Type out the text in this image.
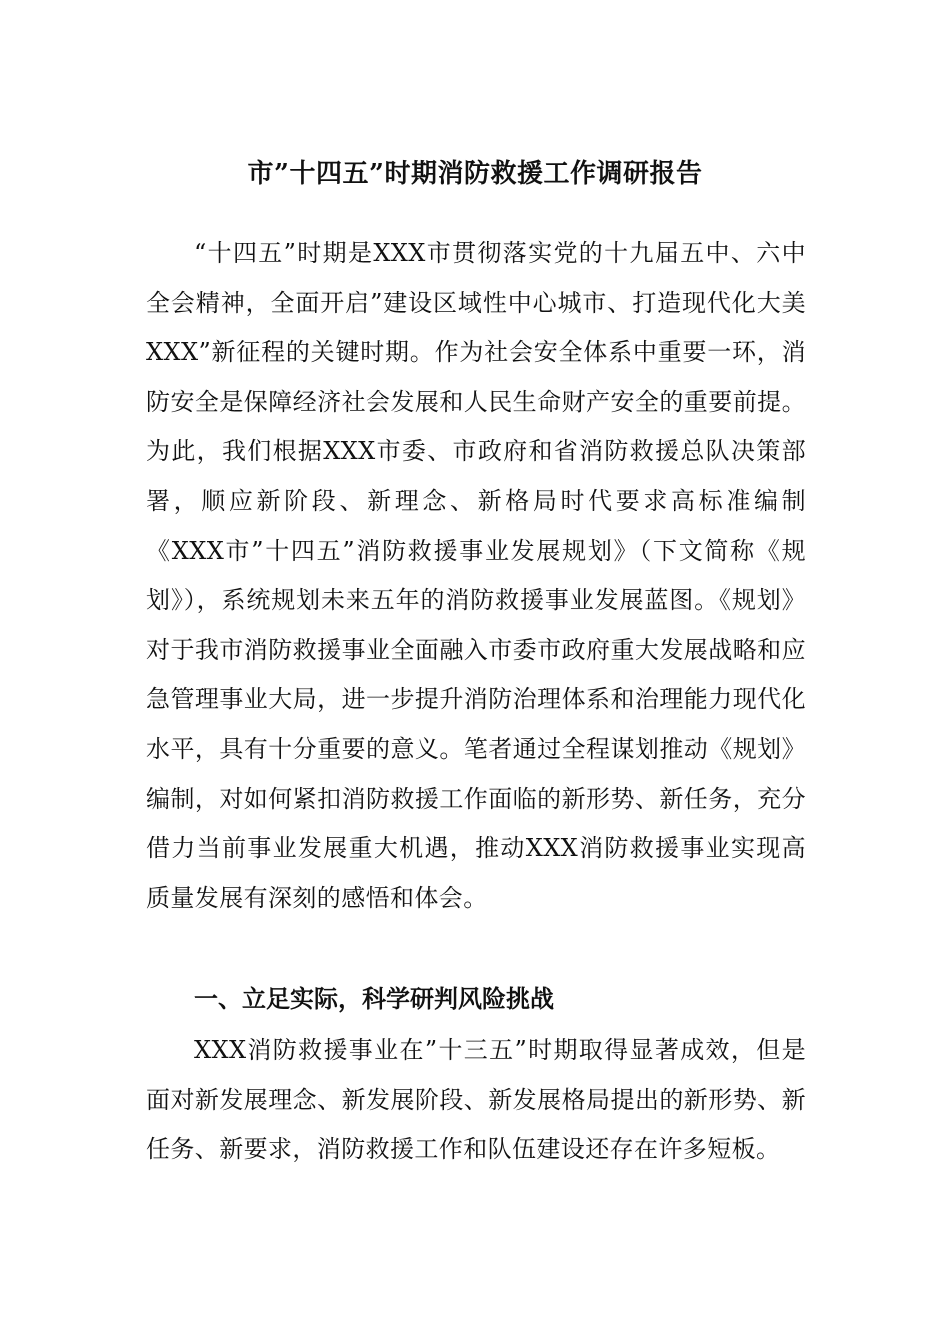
市”十四五”时期消防救援工作调研报告

“十四五”时期是XXX市贯彻落实党的十九届五中、六中全会精神，全面开启”建设区域性中心城市、打造现代化大美XXX”新征程的关键时期。作为社会安全体系中重要一环，消防安全是保障经济社会发展和人民生命财产安全的重要前提。为此，我们根据XXX市委、市政府和省消防救援总队决策部署，顺应新阶段、新理念、新格局时代要求高标准编制《XXX市”十四五”消防救援事业发展规划》（下文简称《规划》），系统规划未来五年的消防救援事业发展蓝图。《规划》对于我市消防救援事业全面融入市委市政府重大发展战略和应急管理事业大局，进一步提升消防治理体系和治理能力现代化水平，具有十分重要的意义。笔者通过全程谋划推动《规划》编制，对如何紧扣消防救援工作面临的新形势、新任务，充分借力当前事业发展重大机遇，推动XXX消防救援事业实现高质量发展有深刻的感悟和体会。

一、立足实际，科学研判风险挑战

XXX消防救援事业在”十三五”时期取得显著成效，但是面对新发展理念、新发展阶段、新发展格局提出的新形势、新任务、新要求，消防救援工作和队伍建设还存在许多短板。
